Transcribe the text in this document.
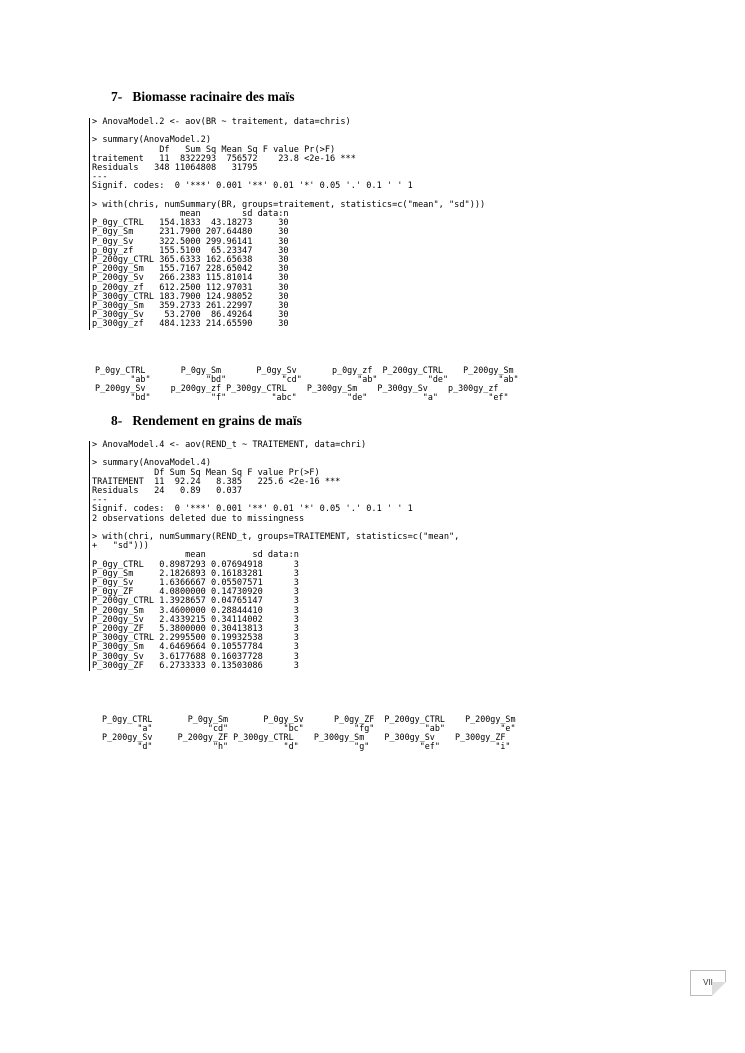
7-   Biomasse racinaire des maïs
> AnovaModel.2 <- aov(BR ~ traitement, data=chris)

> summary(AnovaModel.2)
Df   Sum Sq Mean Sq F value Pr(>F)
traitement   11  8322293  756572    23.8 <2e-16 ***
Residuals   348 11064808   31795
---
Signif. codes:  0 '***' 0.001 '**' 0.01 '*' 0.05 '.' 0.1 ' ' 1

> with(chris, numSummary(BR, groups=traitement, statistics=c("mean", "sd")))
mean        sd data:n
P_0gy_CTRL   154.1833  43.18273     30
P_0gy_Sm     231.7900 207.64480     30
P_0gy_Sv     322.5000 299.96141     30
p_0gy_zf     155.5100  65.23347     30
P_200gy_CTRL 365.6333 162.65638     30
P_200gy_Sm   155.7167 228.65042     30
P_200gy_Sv   266.2383 115.81014     30
p_200gy_zf   612.2500 112.97031     30
P_300gy_CTRL 183.7900 124.98052     30
P_300gy_Sm   359.2733 261.22997     30
P_300gy_Sv    53.2700  86.49264     30
p_300gy_zf   484.1233 214.65590     30
P_0gy_CTRL       P_0gy_Sm       P_0gy_Sv       p_0gy_zf  P_200gy_CTRL    P_200gy_Sm
"ab"           "bd"           "cd"           "ab"          "de"          "ab"
P_200gy_Sv     p_200gy_zf P_300gy_CTRL    P_300gy_Sm    P_300gy_Sv    p_300gy_zf
"bd"            "f"         "abc"          "de"           "a"          "ef"
8-   Rendement en grains de maïs
> AnovaModel.4 <- aov(REND_t ~ TRAITEMENT, data=chri)

> summary(AnovaModel.4)
Df Sum Sq Mean Sq F value Pr(>F)
TRAITEMENT  11  92.24   8.385   225.6 <2e-16 ***
Residuals   24   0.89   0.037
---
Signif. codes:  0 '***' 0.001 '**' 0.01 '*' 0.05 '.' 0.1 ' ' 1
2 observations deleted due to missingness

> with(chri, numSummary(REND_t, groups=TRAITEMENT, statistics=c("mean",
+   "sd")))
mean         sd data:n
P_0gy_CTRL   0.8987293 0.07694918      3
P_0gy_Sm     2.1826893 0.16183281      3
P_0gy_Sv     1.6366667 0.05507571      3
P_0gy_ZF     4.0800000 0.14730920      3
P_200gy_CTRL 1.3928657 0.04765147      3
P_200gy_Sm   3.4600000 0.28844410      3
P_200gy_Sv   2.4339215 0.34114002      3
P_200gy_ZF   5.3800000 0.30413813      3
P_300gy_CTRL 2.2995500 0.19932538      3
P_300gy_Sm   4.6469664 0.10557784      3
P_300gy_Sv   3.6177688 0.16037728      3
P_300gy_ZF   6.2733333 0.13503086      3
P_0gy_CTRL       P_0gy_Sm       P_0gy_Sv      P_0gy_ZF  P_200gy_CTRL    P_200gy_Sm
"a"           "cd"           "bc"          "fg"          "ab"           "e"
P_200gy_Sv     P_200gy_ZF P_300gy_CTRL    P_300gy_Sm    P_300gy_Sv    P_300gy_ZF
"d"            "h"           "d"           "g"          "ef"           "i"
VII
